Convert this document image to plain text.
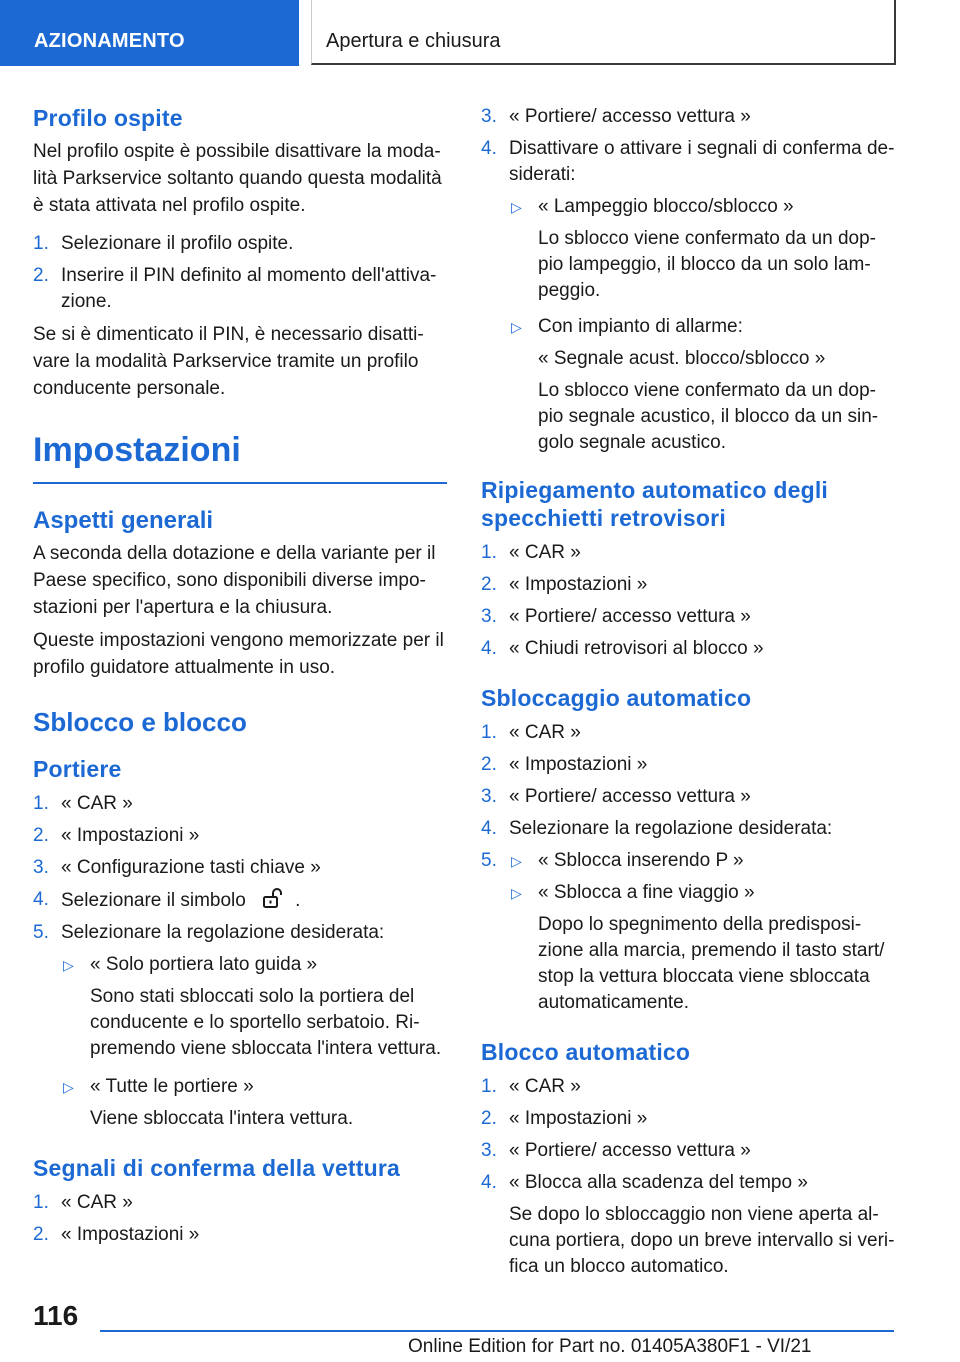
AZIONAMENTO	Apertura e chiusura
Profilo ospite

Nel profilo ospite è possibile disattivare la moda-lità Parkservice soltanto quando questa modalità è stata attivata nel profilo ospite.

1. Selezionare il profilo ospite.
2. Inserire il PIN definito al momento dell'attiva-zione.

Se si è dimenticato il PIN, è necessario disatti-vare la modalità Parkservice tramite un profilo conducente personale.

Impostazioni
Aspetti generali

A seconda della dotazione e della variante per il Paese specifico, sono disponibili diverse impo-stazioni per l'apertura e la chiusura.

Queste impostazioni vengono memorizzate per il profilo guidatore attualmente in uso.

Sblocco e blocco
Portiere
1. « CAR »
2. « Impostazioni »
3. « Configurazione tasti chiave »
4. Selezionare il simbolo	.
5. Selezionare la regolazione desiderata:
▷ « Solo portiera lato guida »
Sono stati sbloccati solo la portiera del conducente e lo sportello serbatoio. Ri-premendo viene sbloccata l'intera vettura.
▷ « Tutte le portiere »
Viene sbloccata l'intera vettura.
Segnali di conferma della vettura
1. « CAR »
2. « Impostazioni »
3. « Portiere/ accesso vettura »
4. Disattivare o attivare i segnali di conferma de-siderati:
▷ « Lampeggio blocco/sblocco »
Lo sblocco viene confermato da un dop-pio lampeggio, il blocco da un solo lam-peggio.
▷ Con impianto di allarme:
« Segnale acust. blocco/sblocco »
Lo sblocco viene confermato da un dop-pio segnale acustico, il blocco da un sin-golo segnale acustico.
Ripiegamento automatico degli specchietti retrovisori
1. « CAR »
2. « Impostazioni »
3. « Portiere/ accesso vettura »
4. « Chiudi retrovisori al blocco »
Sbloccaggio automatico
1. « CAR »
2. « Impostazioni »
3. « Portiere/ accesso vettura »
4. Selezionare la regolazione desiderata:
5. ▷ « Sblocca inserendo P »
▷ « Sblocca a fine viaggio »
Dopo lo spegnimento della predisposi-zione alla marcia, premendo il tasto start/ stop la vettura bloccata viene sbloccata automaticamente.
Blocco automatico
1. « CAR »
2. « Impostazioni »
3. « Portiere/ accesso vettura »
4. « Blocca alla scadenza del tempo »
Se dopo lo sbloccaggio non viene aperta al-cuna portiera, dopo un breve intervallo si veri-fica un blocco automatico.
116
Online Edition for Part no. 01405A380F1 - VI/21
